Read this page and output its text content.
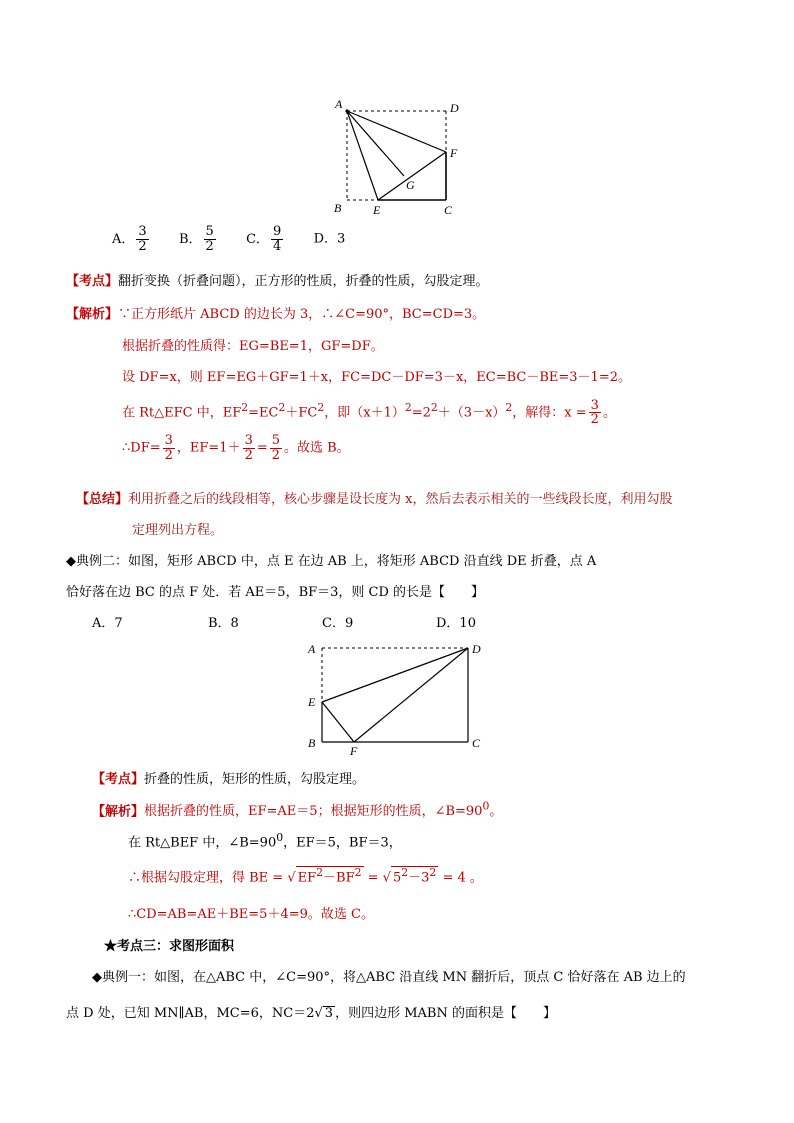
A	D
F
G
B	E	C
A． $\frac{3}{2}$ B． $\frac{5}{2}$ C． $\frac{9}{4}$ D．3
【考点】翻折变换（折叠问题），正方形的性质，折叠的性质，勾股定理。
【解析】∵正方形纸片 ABCD 的边长为 3，∴∠C=90°，BC=CD=3。
根据折叠的性质得：EG=BE=1，GF=DF。
设 DF=x，则 EF=EG＋GF=1＋x，FC=DC－DF=3－x，EC=BC－BE=3－1=2。
在 Rt△EFC 中，$EF^2=EC^2+FC^2$，即$(x+1)^2=2^2+(3-x)^2$，解得：$x = \frac{3}{2}$ 。
∴DF= $\frac{3}{2}$ ，$EF=1+ \frac{3}{2} = \frac{5}{2}$ 。故选 B。
【总结】利用折叠之后的线段相等，核心步骤是设长度为 x，然后去表示相关的一些线段长度，利用勾股
定理列出方程。
◆典例二：如图，矩形 ABCD 中，点 E 在边 AB 上，将矩形 ABCD 沿直线 DE 折叠，点 A
恰好落在边 BC 的点 F 处．若 AE＝5，BF＝3，则 CD 的长是【　　】
A．7	B．8	C．9	D．10
A	D
E
B
F
C
【考点】折叠的性质，矩形的性质，勾股定理。
【解析】根据折叠的性质，EF=AE＝5；根据矩形的性质，$\angle B=90^0$。
在 Rt△BEF 中，$\angle B=90^0$，EF＝5，BF＝3，
∴根据勾股定理，得 BE = √ $EF^2-BF^2$ = √ $5^2-3^2 = 4$ 。
∴CD=AB=AE＋BE=5＋4=9。故选 C。
★考点三：求图形面积
◆典例一：如图，在△ABC 中，∠C=90°，将△ABC 沿直线 MN 翻折后，顶点 C 恰好落在 AB 边上的
点 D 处，已知 MN∥AB，MC=6，NC＝2√ 3 ，则四边形 MABN 的面积是【　　】
